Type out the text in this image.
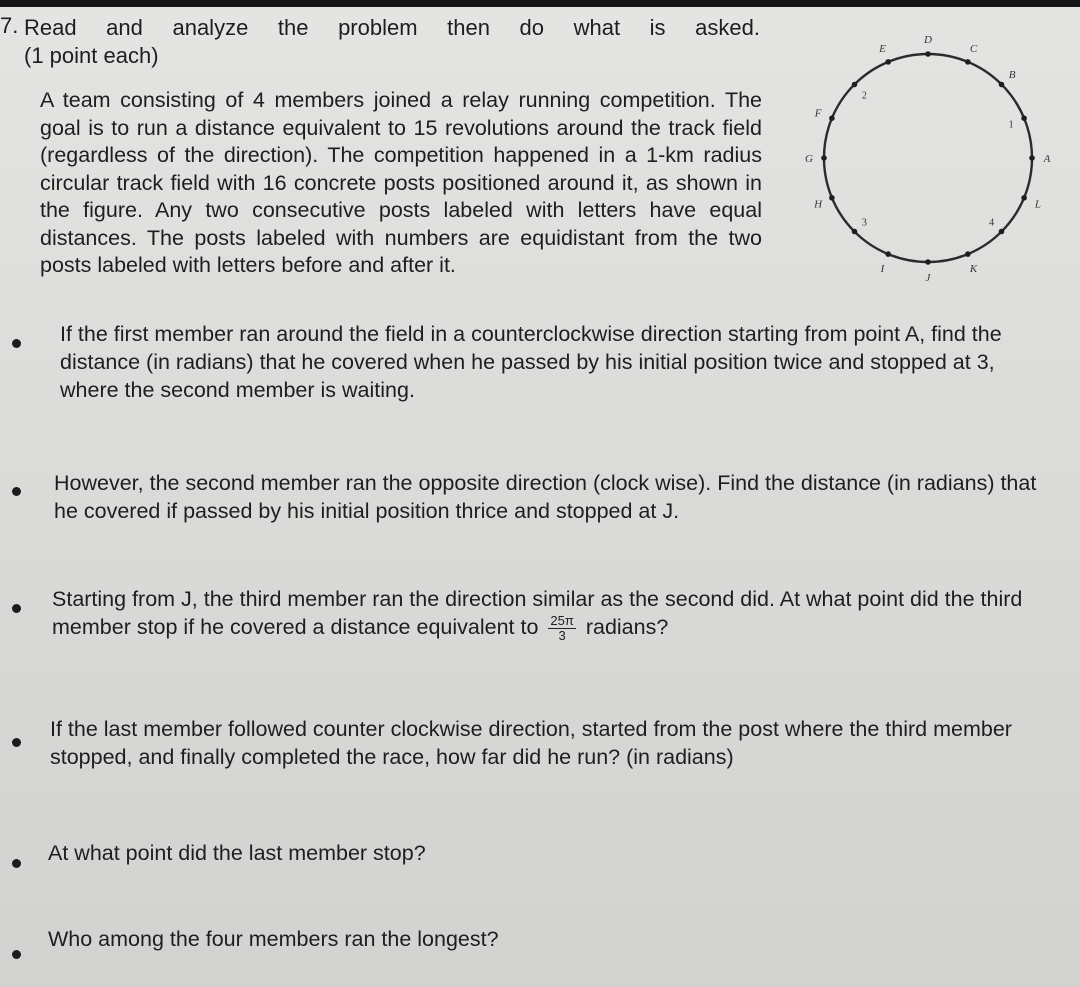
7. Read and analyze the problem then do what is asked.
(1 point each)
A team consisting of 4 members joined a relay running competition. The goal is to run a distance equivalent to 15 revolutions around the track field (regardless of the direction). The competition happened in a 1-km radius circular track field with 16 concrete posts positioned around it, as shown in the figure. Any two consecutive posts labeled with letters have equal distances. The posts labeled with numbers are equidistant from the two posts labeled with letters before and after it.
A
1
B
C
D
E
2
F
G
H
3
I
J
K
4
L
If the first member ran around the field in a counterclockwise direction starting from point A, find the distance (in radians) that he covered when he passed by his initial position twice and stopped at 3, where the second member is waiting.
However, the second member ran the opposite direction (clock wise). Find the distance (in radians) that he covered if passed by his initial position thrice and stopped at J.
Starting from J, the third member ran the direction similar as the second did. At what point did the third member stop if he covered a distance equivalent to $\frac{25\pi}{3}$ radians?
If the last member followed counter clockwise direction, started from the post where the third member stopped, and finally completed the race, how far did he run? (in radians)
At what point did the last member stop?
Who among the four members ran the longest?
